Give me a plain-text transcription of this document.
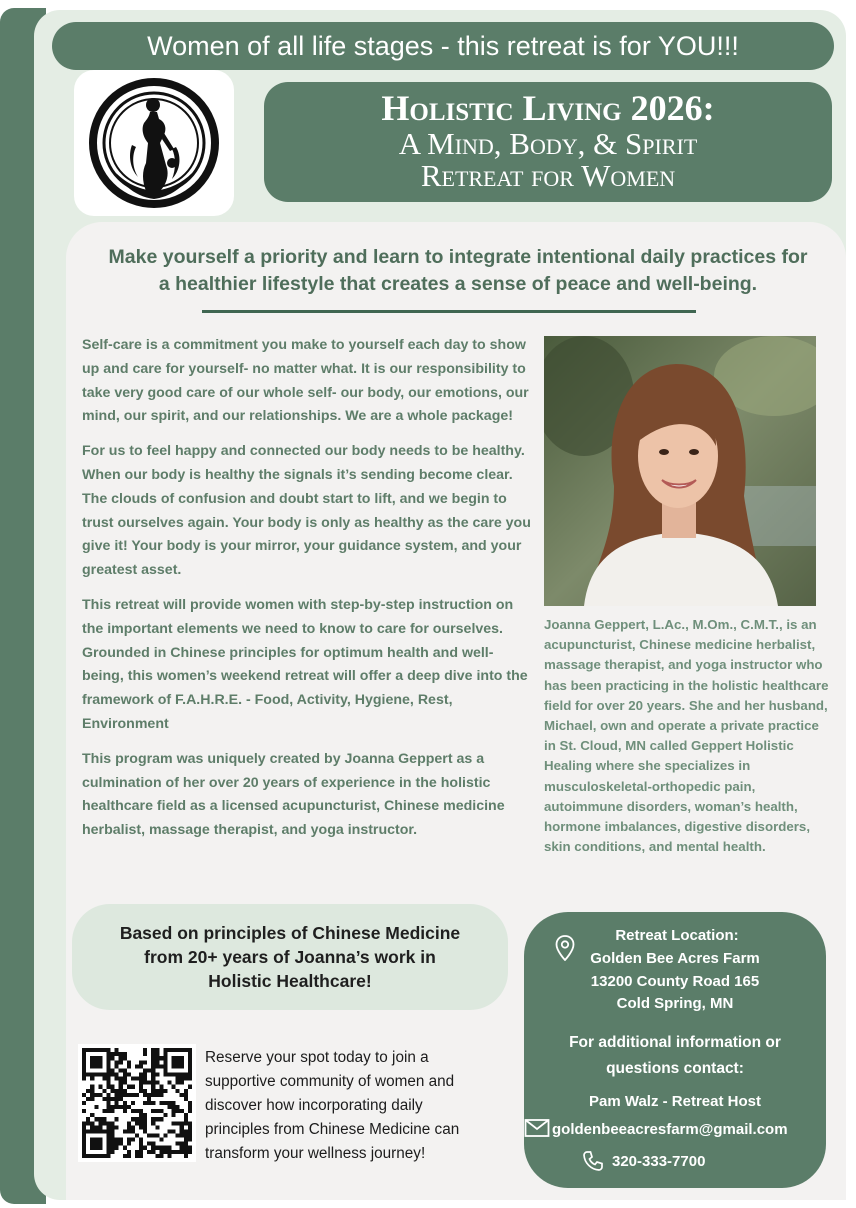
Women of all life stages - this retreat is for YOU!!!
Holistic Living 2026:
A Mind, Body, & Spirit
Retreat for Women
Make yourself a priority and learn to integrate intentional daily practices for
a healthier lifestyle that creates a sense of peace and well-being.

Self-care is a commitment you make to yourself each day to show up and care for yourself- no matter what. It is our responsibility to take very good care of our whole self- our body, our emotions, our mind, our spirit, and our relationships. We are a whole package!

For us to feel happy and connected our body needs to be healthy. When our body is healthy the signals it’s sending become clear. The clouds of confusion and doubt start to lift, and we begin to trust ourselves again. Your body is only as healthy as the care you give it! Your body is your mirror, your guidance system, and your greatest asset.

This retreat will provide women with step-by-step instruction on the important elements we need to know to care for ourselves. Grounded in Chinese principles for optimum health and well-being, this women’s weekend retreat will offer a deep dive into the framework of F.A.H.R.E. - Food, Activity, Hygiene, Rest, Environment

This program was uniquely created by Joanna Geppert as a culmination of her over 20 years of experience in the holistic healthcare field as a licensed acupuncturist, Chinese medicine herbalist, massage therapist, and yoga instructor.

Joanna Geppert, L.Ac., M.Om., C.M.T., is an acupuncturist, Chinese medicine herbalist, massage therapist, and yoga instructor who has been practicing in the holistic healthcare field for over 20 years. She and her husband, Michael, own and operate a private practice in St. Cloud, MN called Geppert Holistic Healing where she specializes in musculoskeletal-orthopedic pain, autoimmune disorders, woman’s health, hormone imbalances, digestive disorders, skin conditions, and mental health.
Based on principles of Chinese Medicine
from 20+ years of Joanna’s work in
Holistic Healthcare!
Reserve your spot today to join a
supportive community of women and
discover how incorporating daily
principles from Chinese Medicine can
transform your wellness journey!
Retreat Location:
Golden Bee Acres Farm
13200 County Road 165
Cold Spring, MN
For additional information or
questions contact:
Pam Walz - Retreat Host
goldenbeeacresfarm@gmail.com
320-333-7700
